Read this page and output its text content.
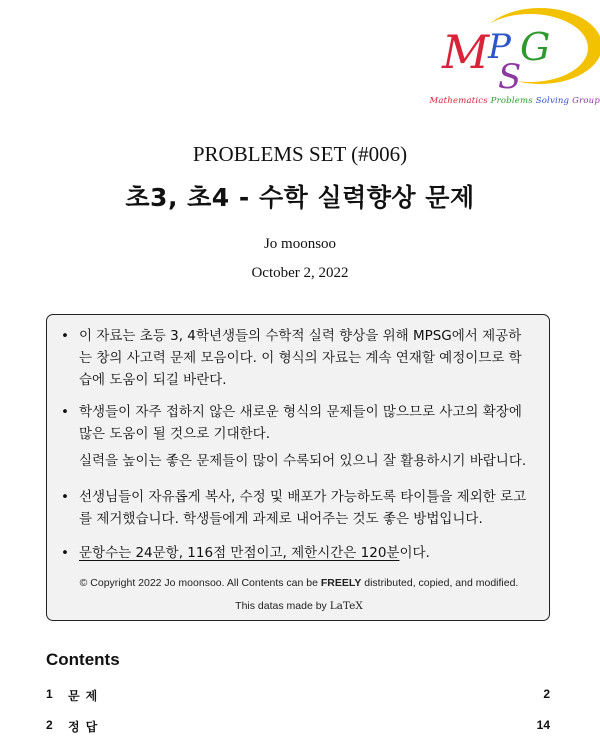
M
P
S
G
Mathematics Problems Solving Group
PROBLEMS SET (#006)
초3, 초4 - 수학 실력향상 문제
Jo moonsoo
October 2, 2022
• 이 자료는 초등 3, 4학년생들의 수학적 실력 향상을 위해 MPSG에서 제공하는 창의 사고력 문제 모음이다. 이 형식의 자료는 계속 연재할 예정이므로 학습에 도움이 되길 바란다.
• 학생들이 자주 접하지 않은 새로운 형식의 문제들이 많으므로 사고의 확장에 많은 도움이 될 것으로 기대한다.
실력을 높이는 좋은 문제들이 많이 수록되어 있으니 잘 활용하시기 바랍니다.
• 선생님들이 자유롭게 복사, 수정 및 배포가 가능하도록 타이틀을 제외한 로고를 제거했습니다. 학생들에게 과제로 내어주는 것도 좋은 방법입니다.
• 문항수는 24문항, 116점 만점이고, 제한시간은 120분이다.
© Copyright 2022 Jo moonsoo. All Contents can be FREELY distributed, copied, and modified.
This datas made by LaTeX
Contents
1 문제	2
2 정답	14
